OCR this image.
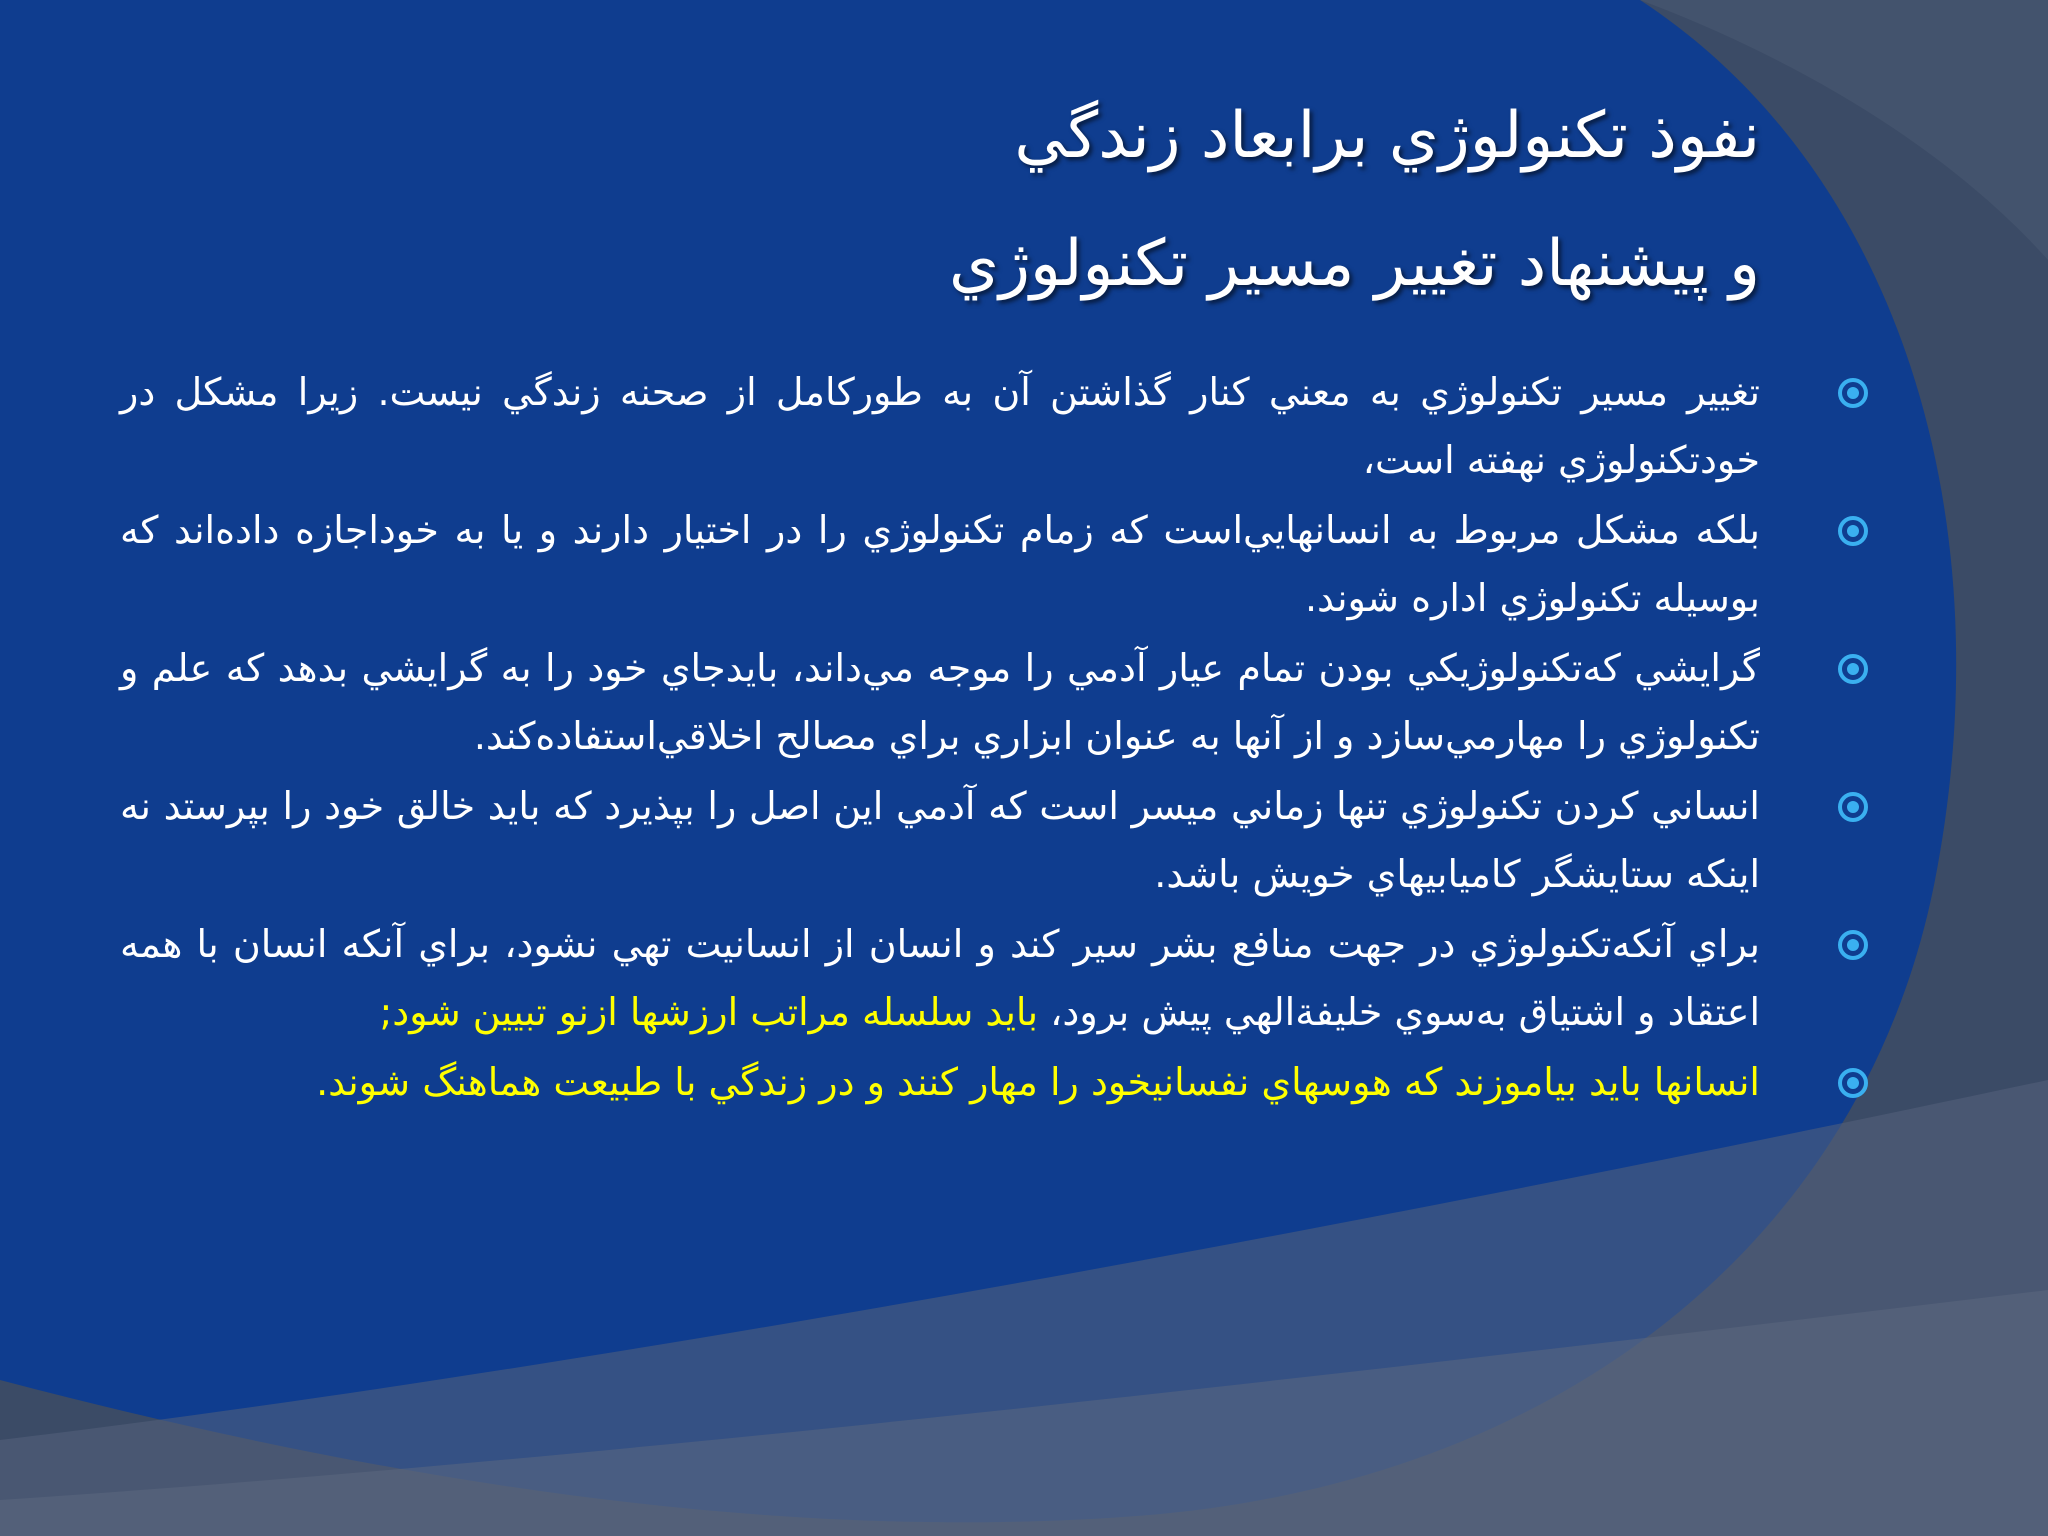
نفوذ تكنولوژي برابعاد زندگي
و پيشنهاد تغيير مسير تكنولوژي
تغيير مسير تكنولوژي به معني كنار گذاشتن آن به طوركامل از صحنه زندگي نيست. زيرا مشكل در خودتكنولوژي نهفته است،
بلكه مشكل مربوط به انسانهاييﺍﺳﺖ كه زمام تكنولوژي را در اختيار دارند و يا به خوداجازه داده‌اند كه بوسيله تكنولوژي اداره شوند.
گرايشي كه‌تكنولوژيكي بودن تمام عيار آدمي را موجه مي‌داند، بايدجاي خود را به گرايشي بدهد كه علم و تكنولوژي را مهارمي‌سازد و از آنها به عنوان ابزاري براي مصالح اخلاقي‌استفاده‌كند.
انساني كردن تكنولوژي تنها زماني ميسر است كه آدمي اين اصل را بپذيرد كه بايد خالق خود را بپرستد نه اينكه ستايشگر كاميابيهاي خويش باشد.
براي آنكه‌تكنولوژي در جهت منافع بشر سير كند و انسان از انسانيت تهي نشود، براي آنكه انسان با همه اعتقاد و اشتياق به‌سوي خليفة‌الهي پيش برود، بايد سلسله مراتب ارزشها ازنو تبيين شود;
انسانها بايد بياموزند كه هوسهاي نفسانيخود را مهار كنند و در زندگي با طبيعت هماهنگ شوند.
